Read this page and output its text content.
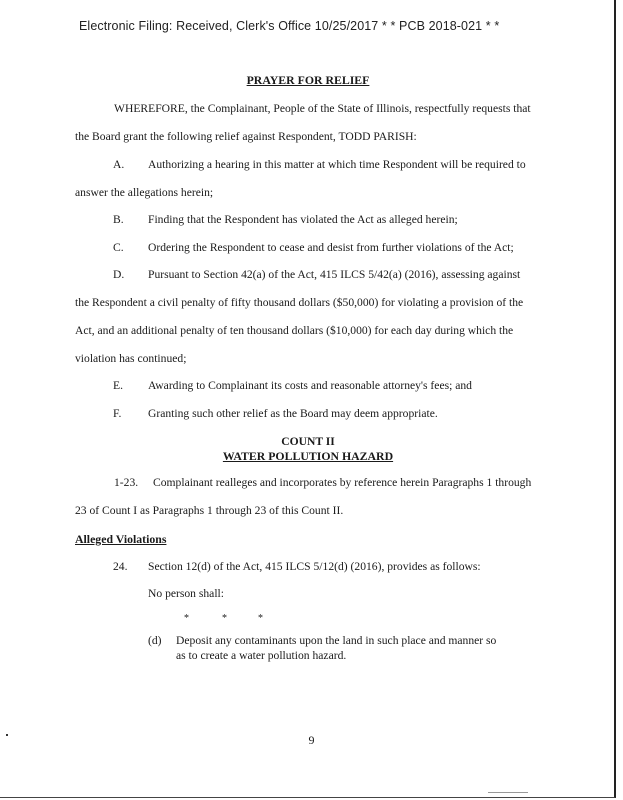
Electronic Filing: Received, Clerk's Office 10/25/2017 * * PCB 2018-021 * *
PRAYER FOR RELIEF
WHEREFORE, the Complainant, People of the State of Illinois, respectfully requests that
the Board grant the following relief against Respondent, TODD PARISH:
A. Authorizing a hearing in this matter at which time Respondent will be required to
answer the allegations herein;
B. Finding that the Respondent has violated the Act as alleged herein;
C. Ordering the Respondent to cease and desist from further violations of the Act;
D. Pursuant to Section 42(a) of the Act, 415 ILCS 5/42(a) (2016), assessing against
the Respondent a civil penalty of fifty thousand dollars ($50,000) for violating a provision of the
Act, and an additional penalty of ten thousand dollars ($10,000) for each day during which the
violation has continued;
E. Awarding to Complainant its costs and reasonable attorney's fees; and
F. Granting such other relief as the Board may deem appropriate.
COUNT II
WATER POLLUTION HAZARD
1-23. Complainant realleges and incorporates by reference herein Paragraphs 1 through
23 of Count I as Paragraphs 1 through 23 of this Count II.
Alleged Violations
24. Section 12(d) of the Act, 415 ILCS 5/12(d) (2016), provides as follows:
No person shall:
*	*	*
(d) Deposit any contaminants upon the land in such place and manner so
as to create a water pollution hazard.
9
